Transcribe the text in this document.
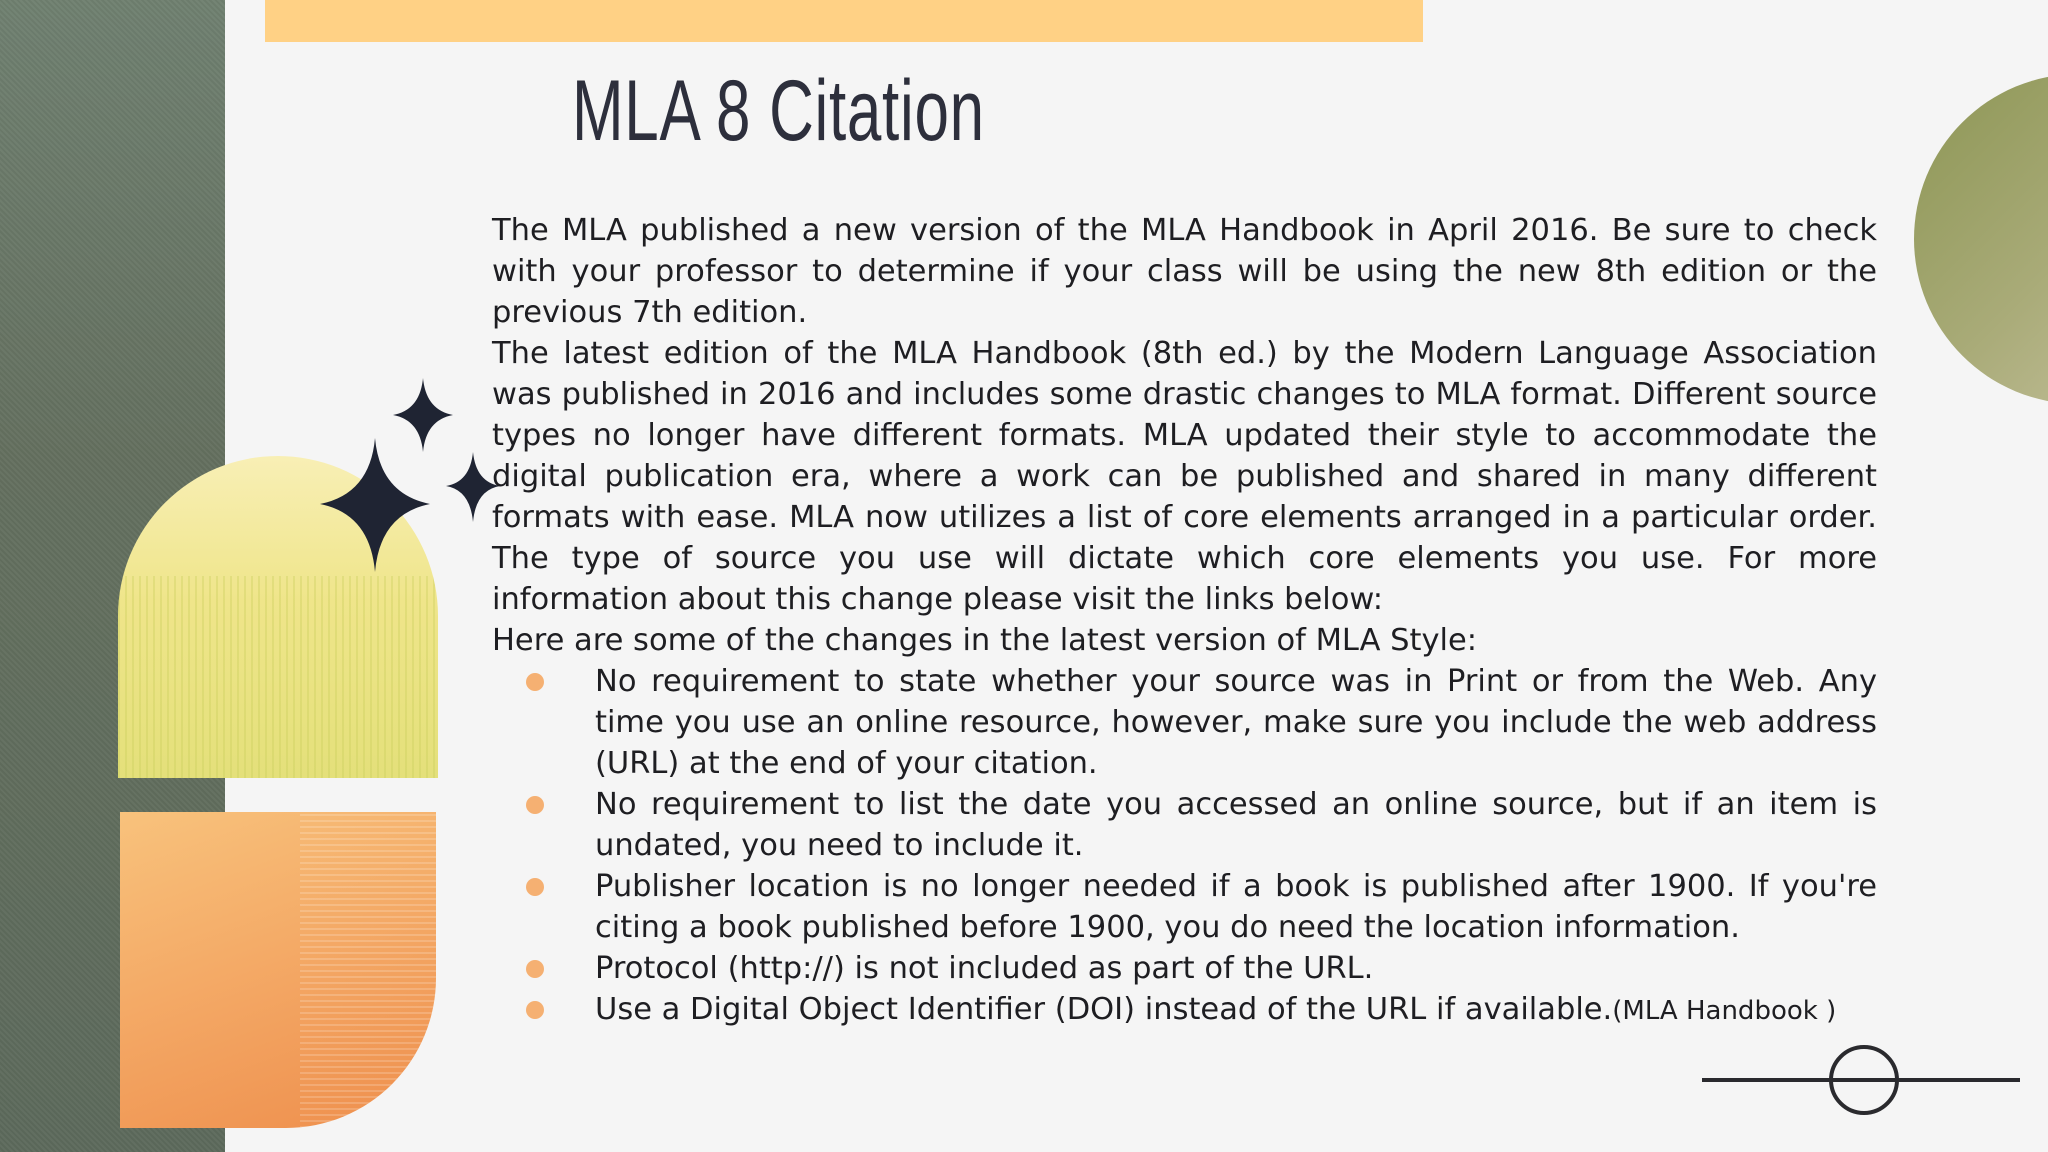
MLA 8 Citation

The MLA published a new version of the MLA Handbook in April 2016. Be sure to check with your professor to determine if your class will be using the new 8th edition or the previous 7th edition.

The latest edition of the MLA Handbook (8th ed.) by the Modern Language Association was published in 2016 and includes some drastic changes to MLA format. Different source types no longer have different formats. MLA updated their style to accommodate the digital publication era, where a work can be published and shared in many different formats with ease. MLA now utilizes a list of core elements arranged in a particular order. The type of source you use will dictate which core elements you use. For more information about this change please visit the links below:

Here are some of the changes in the latest version of MLA Style:

No requirement to state whether your source was in Print or from the Web. Any time you use an online resource, however, make sure you include the web address (URL) at the end of your citation.
No requirement to list the date you accessed an online source, but if an item is undated, you need to include it.
Publisher location is no longer needed if a book is published after 1900. If you're citing a book published before 1900, you do need the location information.
Protocol (http://) is not included as part of the URL.
Use a Digital Object Identifier (DOI) instead of the URL if available.(MLA Handbook )
